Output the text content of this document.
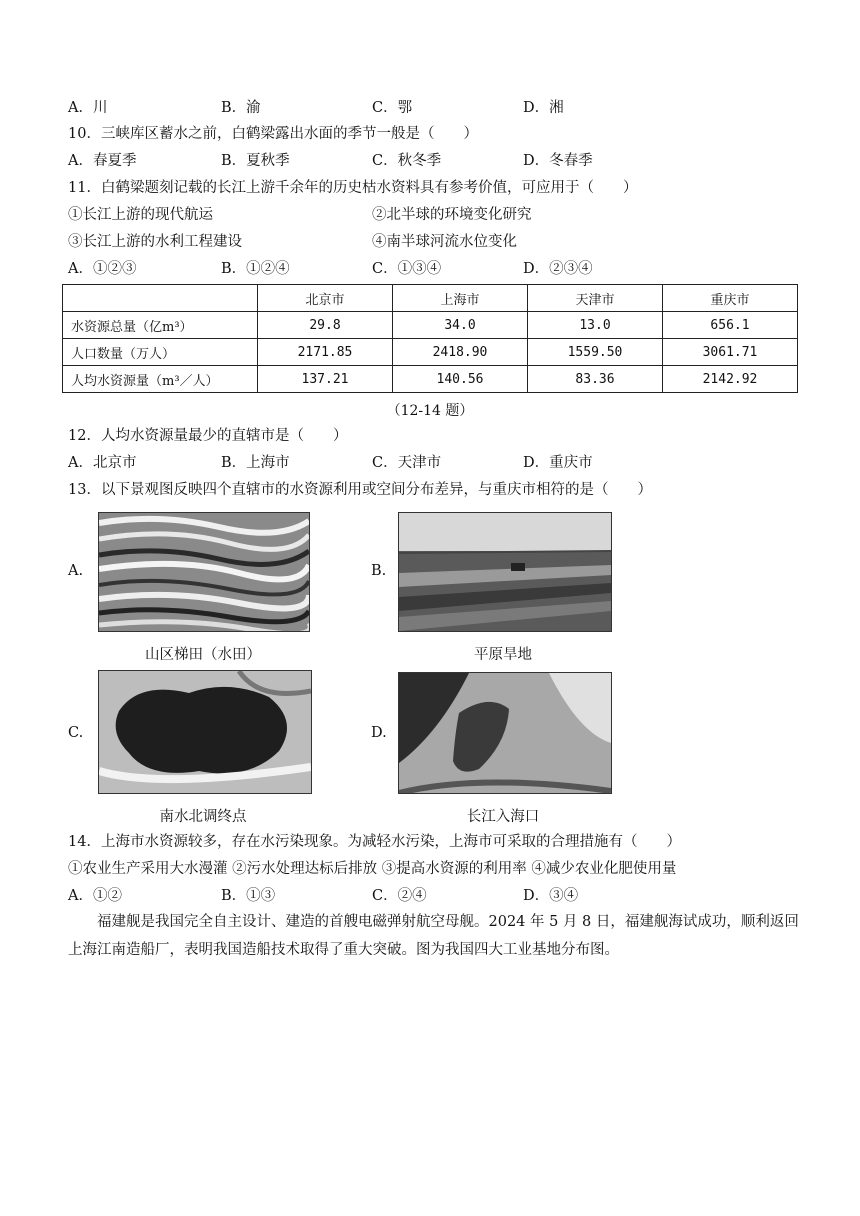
A．川	B．渝	C．鄂	D．湘
10．三峡库区蓄水之前，白鹤梁露出水面的季节一般是（　　）
A．春夏季	B．夏秋季	C．秋冬季	D．冬春季
11．白鹤梁题刻记载的长江上游千余年的历史枯水资料具有参考价值，可应用于（　　）
①长江上游的现代航运	②北半球的环境变化研究
③长江上游的水利工程建设	④南半球河流水位变化
A．①②③	B．①②④	C．①③④	D．②③④
	北京市	上海市	天津市	重庆市
水资源总量（亿m³）	29.8	34.0	13.0	656.1
人口数量（万人）	2171.85	2418.90	1559.50	3061.71
人均水资源量（m³／人）	137.21	140.56	83.36	2142.92
（12-14 题）
12．人均水资源量最少的直辖市是（　　）
A．北京市	B．上海市	C．天津市	D．重庆市
13．以下景观图反映四个直辖市的水资源利用或空间分布差异，与重庆市相符的是（　　）
A.
山区梯田（水田）
B.
平原旱地
C.
南水北调终点
D.
长江入海口
14．上海市水资源较多，存在水污染现象。为减轻水污染，上海市可采取的合理措施有（　　）
①农业生产采用大水漫灌 ②污水处理达标后排放 ③提高水资源的利用率 ④减少农业化肥使用量
A．①②	B．①③	C．②④	D．③④
福建舰是我国完全自主设计、建造的首艘电磁弹射航空母舰。2024 年 5 月 8 日，福建舰海试成功，顺利返回上海江南造船厂，表明我国造船技术取得了重大突破。图为我国四大工业基地分布图。
